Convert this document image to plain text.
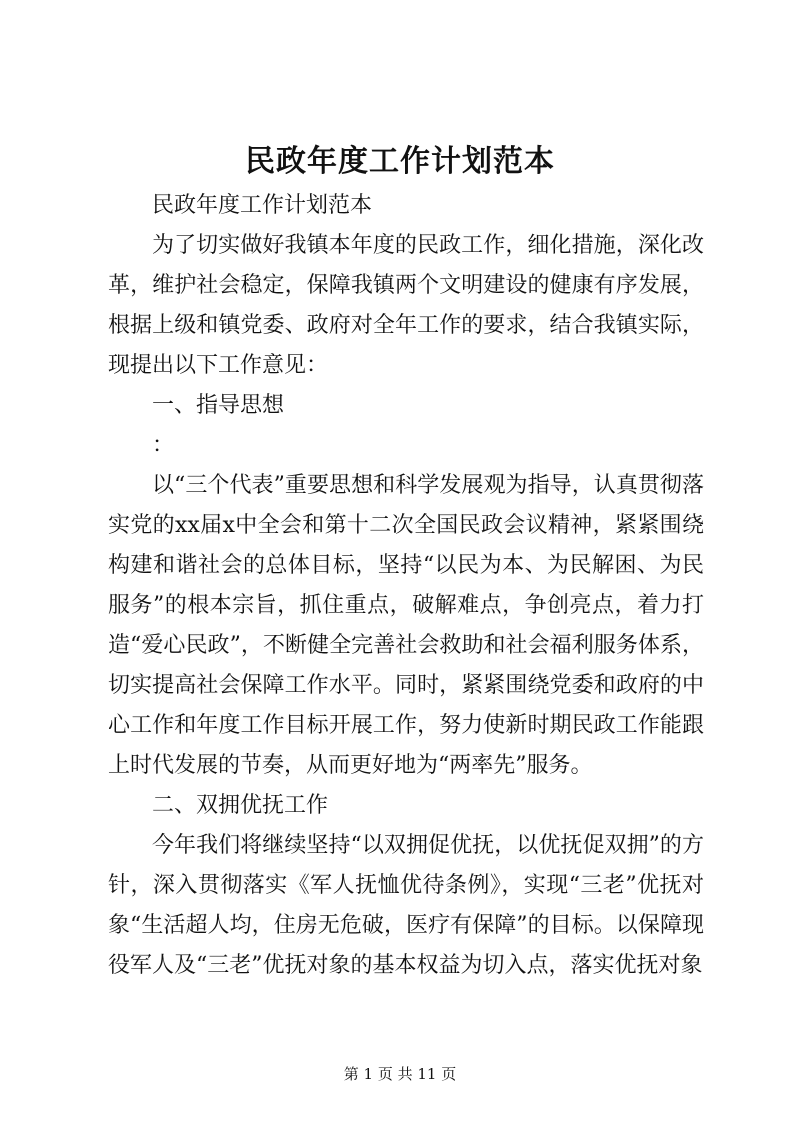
民政年度工作计划范本

民政年度工作计划范本

为了切实做好我镇本年度的民政工作，细化措施，深化改革，维护社会稳定，保障我镇两个文明建设的健康有序发展，根据上级和镇党委、政府对全年工作的要求，结合我镇实际，现提出以下工作意见：

一、指导思想

：

以“三个代表”重要思想和科学发展观为指导，认真贯彻落实党的xx届x中全会和第十二次全国民政会议精神，紧紧围绕构建和谐社会的总体目标，坚持“以民为本、为民解困、为民服务”的根本宗旨，抓住重点，破解难点，争创亮点，着力打造“爱心民政”，不断健全完善社会救助和社会福利服务体系，切实提高社会保障工作水平。同时，紧紧围绕党委和政府的中心工作和年度工作目标开展工作，努力使新时期民政工作能跟上时代发展的节奏，从而更好地为“两率先”服务。

二、双拥优抚工作

今年我们将继续坚持“以双拥促优抚，以优抚促双拥”的方针，深入贯彻落实《军人抚恤优待条例》，实现“三老”优抚对象“生活超人均，住房无危破，医疗有保障”的目标。以保障现役军人及“三老”优抚对象的基本权益为切入点，落实优抚对象

第 1 页 共 11 页
